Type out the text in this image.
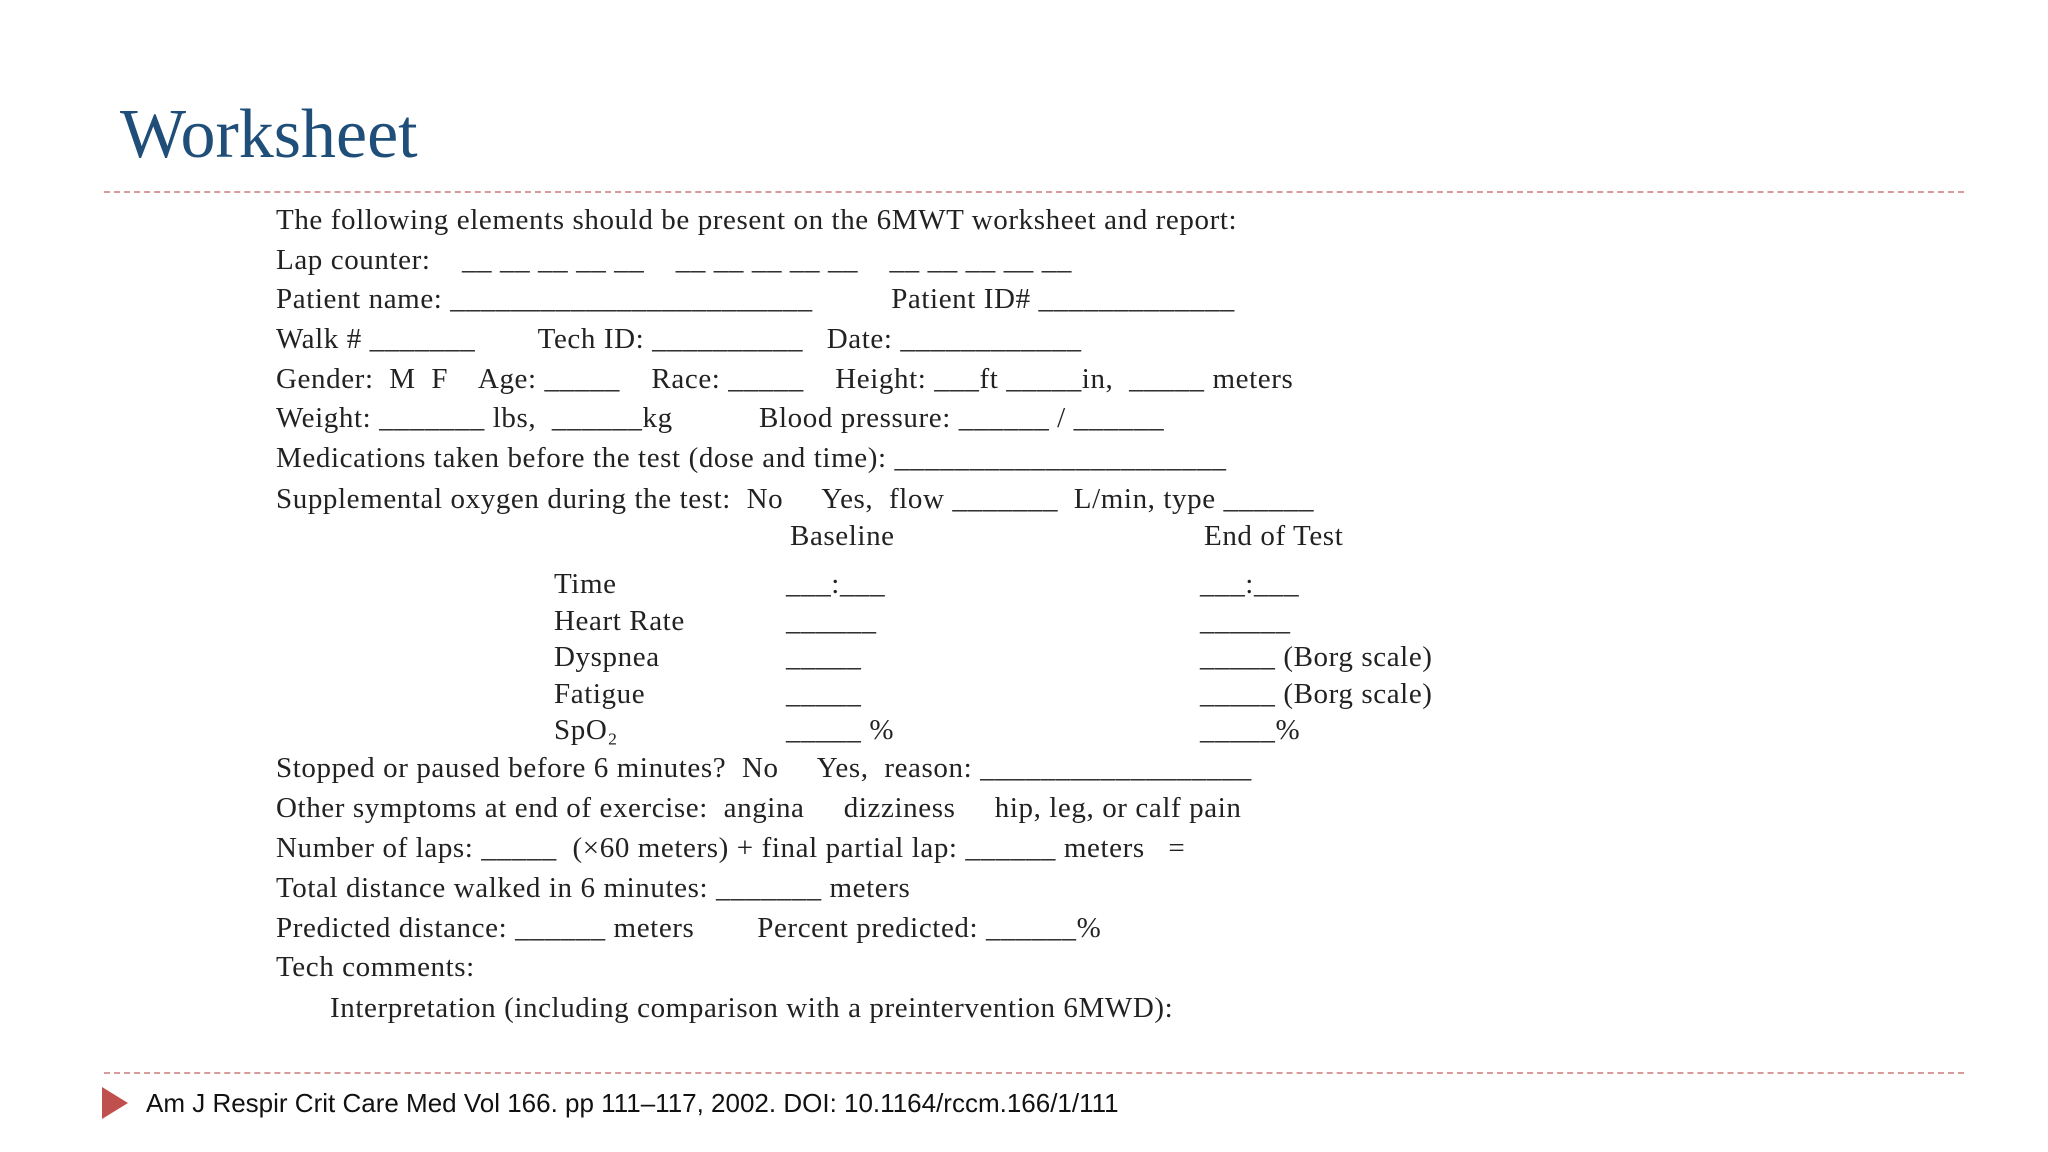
Worksheet
The following elements should be present on the 6MWT worksheet and report:
Lap counter:    __ __ __ __ __    __ __ __ __ __    __ __ __ __ __
Patient name: ________________________          Patient ID# _____________
Walk # _______        Tech ID: __________   Date: ____________
Gender:  M  F    Age: _____    Race: _____    Height: ___ft _____in,  _____ meters
Weight: _______ lbs,  ______kg           Blood pressure: ______ / ______
Medications taken before the test (dose and time): ______________________
Supplemental oxygen during the test:  No     Yes,  flow _______  L/min, type ______
Baseline	End of Test
Time	___:___	___:___
Heart Rate	______	______
Dyspnea	_____	_____ (Borg scale)
Fatigue	_____	_____ (Borg scale)
SpO₂	_____ %	_____%
Stopped or paused before 6 minutes?  No     Yes,  reason: __________________
Other symptoms at end of exercise:  angina     dizziness     hip, leg, or calf pain
Number of laps: _____  (×60 meters) + final partial lap: ______ meters   =
Total distance walked in 6 minutes: _______ meters
Predicted distance: ______ meters        Percent predicted: ______%
Tech comments:
Interpretation (including comparison with a preintervention 6MWD):
Am J Respir Crit Care Med Vol 166. pp 111–117, 2002. DOI: 10.1164/rccm.166/1/111
